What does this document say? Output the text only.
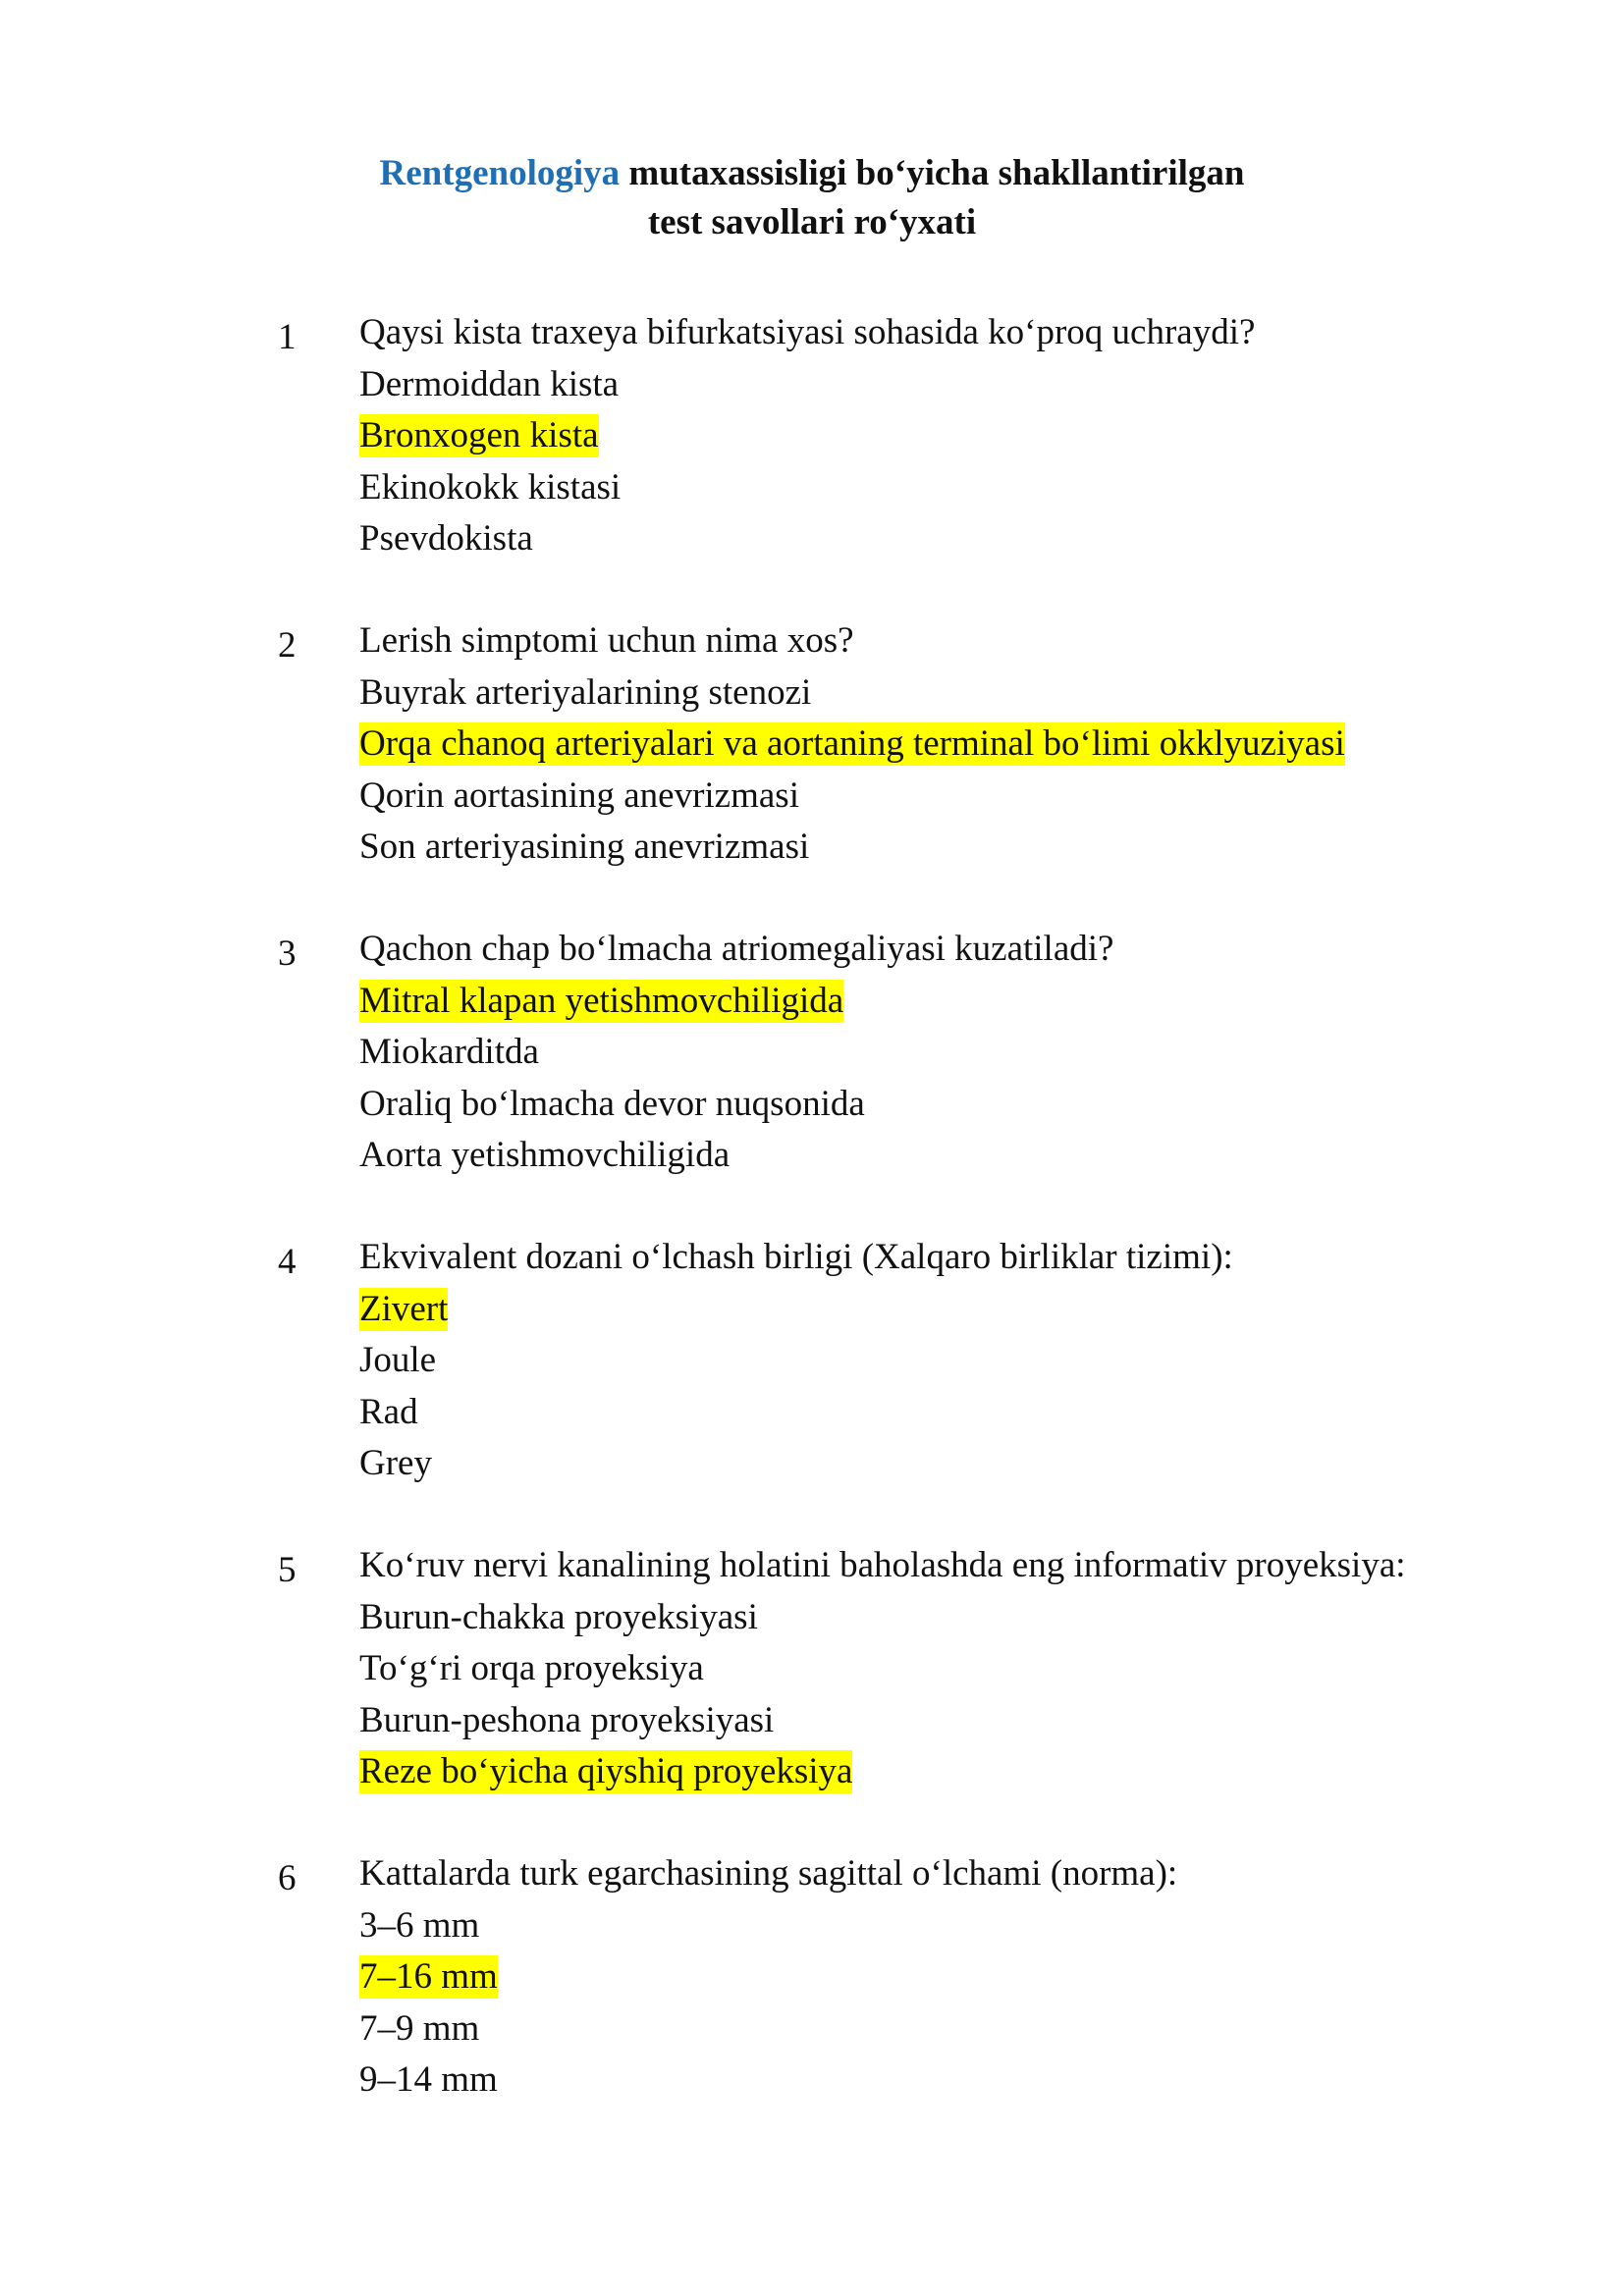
Rentgenologiya mutaxassisligi bo‘yicha shakllantirilgan
test savollari ro‘yxati
1 Qaysi kista traxeya bifurkatsiyasi sohasida ko‘proq uchraydi?
Dermoiddan kista
Bronxogen kista
Ekinokokk kistasi
Psevdokista
2 Lerish simptomi uchun nima xos?
Buyrak arteriyalarining stenozi
Orqa chanoq arteriyalari va aortaning terminal bo‘limi okklyuziyasi
Qorin aortasining anevrizmasi
Son arteriyasining anevrizmasi
3 Qachon chap bo‘lmacha atriomegaliyasi kuzatiladi?
Mitral klapan yetishmovchiligida
Miokarditda
Oraliq bo‘lmacha devor nuqsonida
Aorta yetishmovchiligida
4 Ekvivalent dozani o‘lchash birligi (Xalqaro birliklar tizimi):
Zivert
Joule
Rad
Grey
5 Ko‘ruv nervi kanalining holatini baholashda eng informativ proyeksiya:
Burun-chakka proyeksiyasi
To‘g‘ri orqa proyeksiya
Burun-peshona proyeksiyasi
Reze bo‘yicha qiyshiq proyeksiya
6 Kattalarda turk egarchasining sagittal o‘lchami (norma):
3–6 mm
7–16 mm
7–9 mm
9–14 mm
